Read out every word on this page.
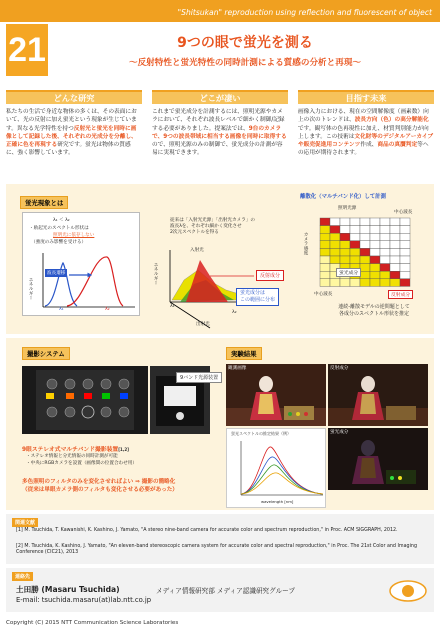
"Shitsukan" reproduction using reflection and fluorescent of object
21	9つの眼で蛍光を測る
～反射特性と蛍光特性の同時計測による質感の分析と再現～
どんな研究
私たちの生活で身近な物体の多くは、その表面において、光の反射に加え蛍光という現象が生じています。異なる光学特性を持つ反射光と蛍光を同時に画像として記録した後、それぞれの光成分を分離し、正確に色を再現する研究です。蛍光は物体の質感に、強く影響しています。
どこが凄い
これまで蛍光成分を計測するには、照明光源やカメラにおいて、それぞれ波長レベルで細かく制御/記録する必要がありました。提案法では、9台のカメラで、9つの波長帯域に相当する画像を同時に取得するので、照明光源のみの制御で、蛍光成分の計測が容易に実現できます。
目指す未来
画像入力における、現在の空間解像度（画素数）向上の次のトレンドは、波長方向（色）の高分解能化です。観写体の色再現性に加え、材質判別能力が向上します。この技術は文化財等のデジタルアーカイブや販売促進用コンテンツ作成、商品の真贋判定等への応用が期待されます。
蛍光現象とは
λ₁ ＜ λ₂
・励起光のスペクトル形状は
照明光に依存しない
（強度のみ影響を受ける）
波長遷移
エネルギー
λ₁	λ₂
従来は「入射光光源」「出射光カメラ」の
波長λを、それぞれ細かく変化させ
2次元スペクトルを得る
入射光
出射光
エネルギー
λ₁
λ₂
反射成分
蛍光成分は
この範囲に分布
離散化（マルチバンド化）して計測
照明光源
中心波長
カメラ感度
中心波長
蛍光成分
反射成分
連続-離散モデルの逆問題として
各成分のスペクトル形状を推定
撮影システム
9バンド光源装置
9眼ステレオ式マルチバンド撮影装置[1,2]
・ステレオ情報と分光情報の同時計測が可能
・中央にRGBカメラを設置（画像間の位置合わせ用）
多色照明のフィルタのみを変化させればよい ⇒ 撮影の簡略化
（従来は単眼カメラ側のフィルタも変化させる必要があった）
実験結果
観測画像	反射成分
蛍光スペクトルの推定結果（例）
wavelength [nm]
蛍光成分
関連文献
[1] M. Tsuchida, T. Kawanishi, K. Kashino, J. Yamato, "A stereo nine-band camera for accurate color and spectrum reproduction," in Proc. ACM SIGGRAPH, 2012.
[2] M. Tsuchida, K. Kashino, J. Yamato, "An eleven-band stereoscopic camera system for accurate color and spectral reproduction," in Proc. The 21st Color and Imaging Conference (CIC21), 2013
連絡先
土田勝 (Masaru Tsuchida)	メディア情報研究部 メディア認識研究グループ
E-mail: tsuchida.masaru(at)lab.ntt.co.jp
Copyright (C) 2015 NTT Communication Science Laboratories
